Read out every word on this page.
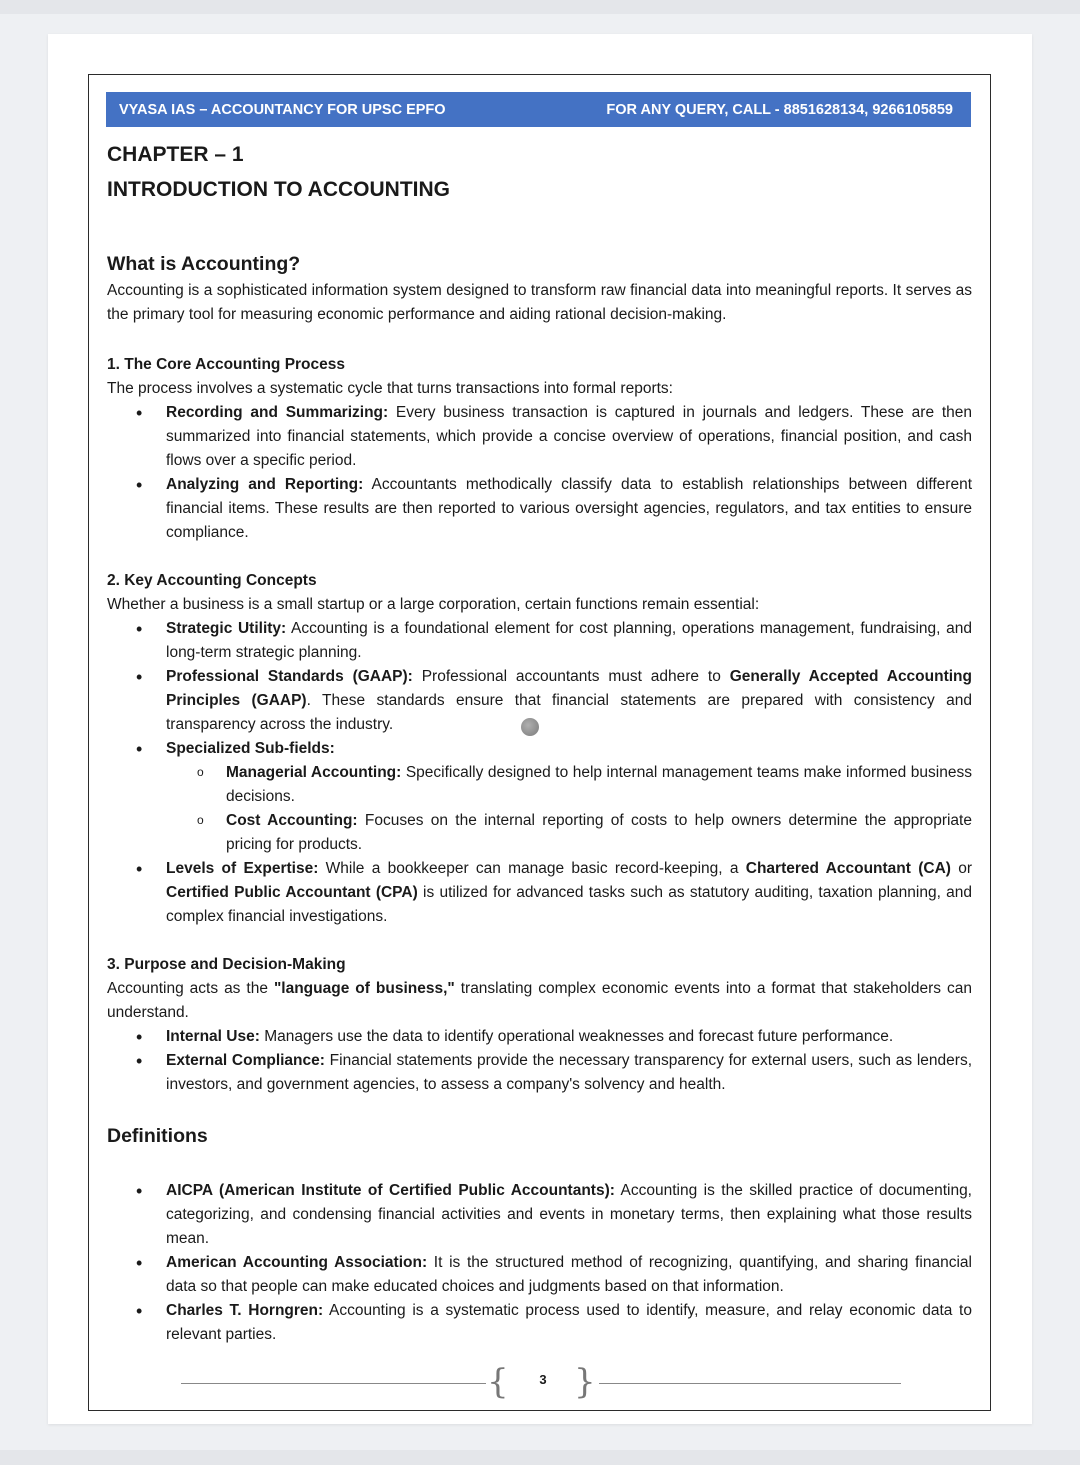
VYASA IAS – ACCOUNTANCY FOR UPSC EPFO	FOR ANY QUERY, CALL - 8851628134, 9266105859
CHAPTER – 1
INTRODUCTION TO ACCOUNTING
What is Accounting?

Accounting is a sophisticated information system designed to transform raw financial data into meaningful reports. It serves as the primary tool for measuring economic performance and aiding rational decision-making.

1. The Core Accounting Process

The process involves a systematic cycle that turns transactions into formal reports:

• Recording and Summarizing: Every business transaction is captured in journals and ledgers. These are then summarized into financial statements, which provide a concise overview of operations, financial position, and cash flows over a specific period.
• Analyzing and Reporting: Accountants methodically classify data to establish relationships between different financial items. These results are then reported to various oversight agencies, regulators, and tax entities to ensure compliance.
2. Key Accounting Concepts

Whether a business is a small startup or a large corporation, certain functions remain essential:

• Strategic Utility: Accounting is a foundational element for cost planning, operations management, fundraising, and long-term strategic planning.
• Professional Standards (GAAP): Professional accountants must adhere to Generally Accepted Accounting Principles (GAAP). These standards ensure that financial statements are prepared with consistency and transparency across the industry.
• Specialized Sub-fields:
o Managerial Accounting: Specifically designed to help internal management teams make informed business decisions.
o Cost Accounting: Focuses on the internal reporting of costs to help owners determine the appropriate pricing for products.
• Levels of Expertise: While a bookkeeper can manage basic record-keeping, a Chartered Accountant (CA) or Certified Public Accountant (CPA) is utilized for advanced tasks such as statutory auditing, taxation planning, and complex financial investigations.
3. Purpose and Decision-Making

Accounting acts as the "language of business," translating complex economic events into a format that stakeholders can understand.

• Internal Use: Managers use the data to identify operational weaknesses and forecast future performance.
• External Compliance: Financial statements provide the necessary transparency for external users, such as lenders, investors, and government agencies, to assess a company's solvency and health.
Definitions
• AICPA (American Institute of Certified Public Accountants): Accounting is the skilled practice of documenting, categorizing, and condensing financial activities and events in monetary terms, then explaining what those results mean.
• American Accounting Association: It is the structured method of recognizing, quantifying, and sharing financial data so that people can make educated choices and judgments based on that information.
• Charles T. Horngren: Accounting is a systematic process used to identify, measure, and relay economic data to relevant parties.
{	3 }
